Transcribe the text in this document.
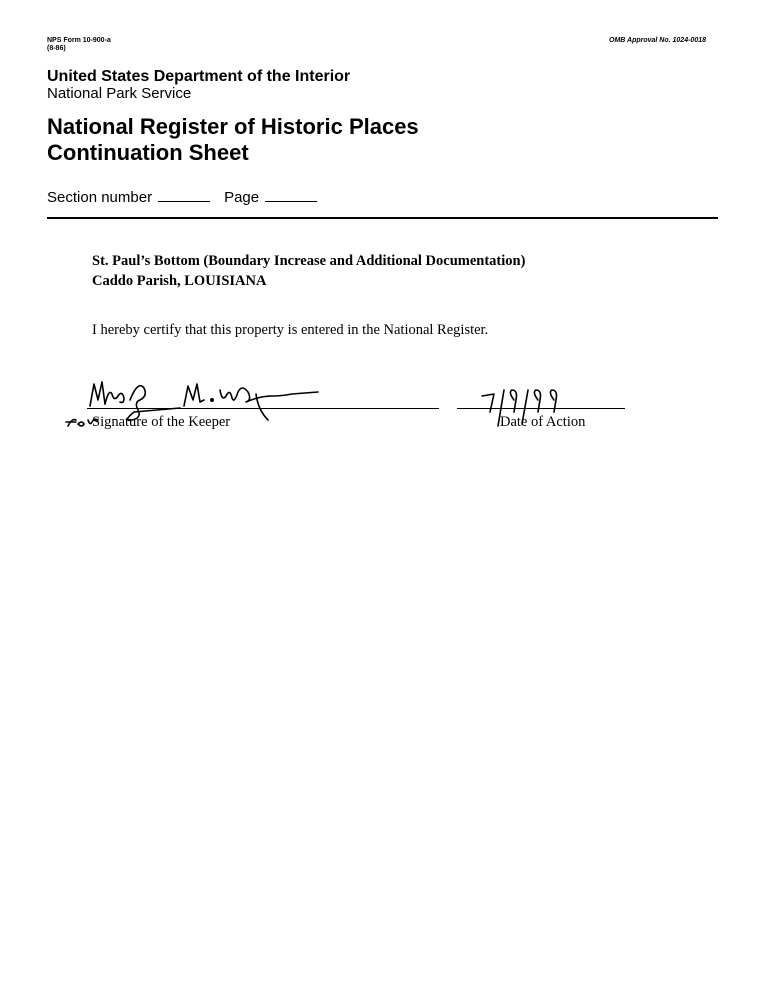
NPS Form 10-900-a
(8-86)
OMB Approval No. 1024-0018
United States Department of the Interior
National Park Service
National Register of Historic Places
Continuation Sheet
Section number	Page
St. Paul’s Bottom (Boundary Increase and Additional Documentation)
Caddo Parish, LOUISIANA
I hereby certify that this property is entered in the National Register.
Signature of the Keeper	Date of Action
